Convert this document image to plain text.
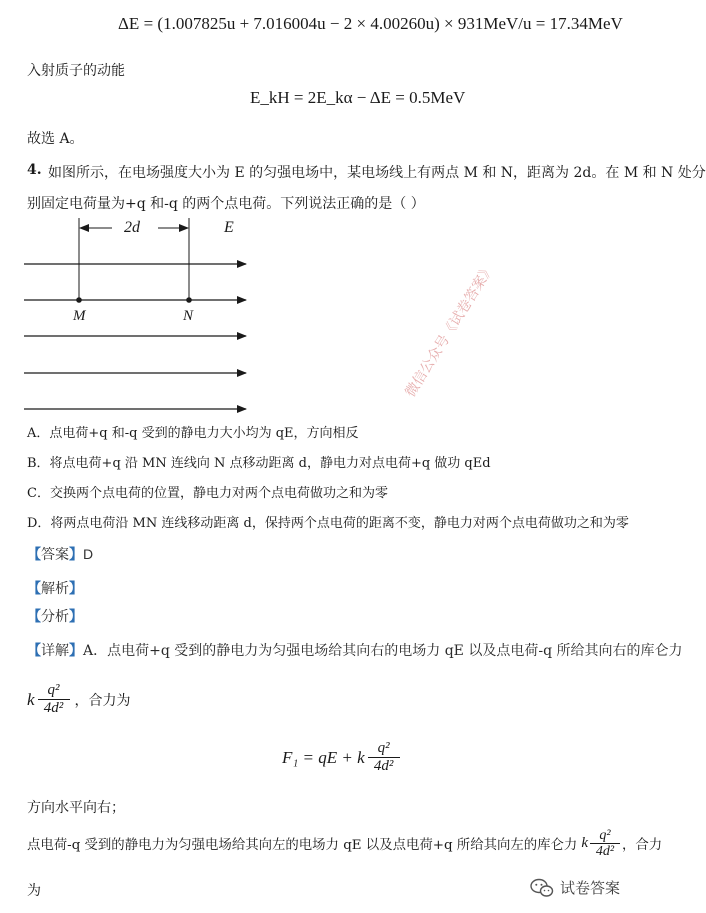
ΔE = (1.007825u + 7.016004u − 2 × 4.00260u) × 931MeV/u = 17.34MeV
入射质子的动能
E_kH = 2E_kα − ΔE = 0.5MeV
故选 A。
4. 如图所示，在电场强度大小为 E 的匀强电场中，某电场线上有两点 M 和 N，距离为 2d。在 M 和 N 处分
别固定电荷量为+q 和-q 的两个点电荷。下列说法正确的是（ ）
2d	E
M	N
A．点电荷+q 和-q 受到的静电力大小均为 qE，方向相反
B．将点电荷+q 沿 MN 连线向 N 点移动距离 d，静电力对点电荷+q 做功 qEd
C．交换两个点电荷的位置，静电力对两个点电荷做功之和为零
D．将两点电荷沿 MN 连线移动距离 d，保持两个点电荷的距离不变，静电力对两个点电荷做功之和为零
微信公众号《试卷答案》
【答案】D
【解析】
【分析】
【详解】A．点电荷+q 受到的静电力为匀强电场给其向右的电场力 qE 以及点电荷-q 所给其向右的库仑力
k q²
4d² ，合力为
F₁ = qE + k q²
4d²
方向水平向右；
点电荷-q 受到的静电力为匀强电场给其向左的电场力 qE 以及点电荷+q 所给其向左的库仑力 k q²
4d² ，合力
为	试卷答案
